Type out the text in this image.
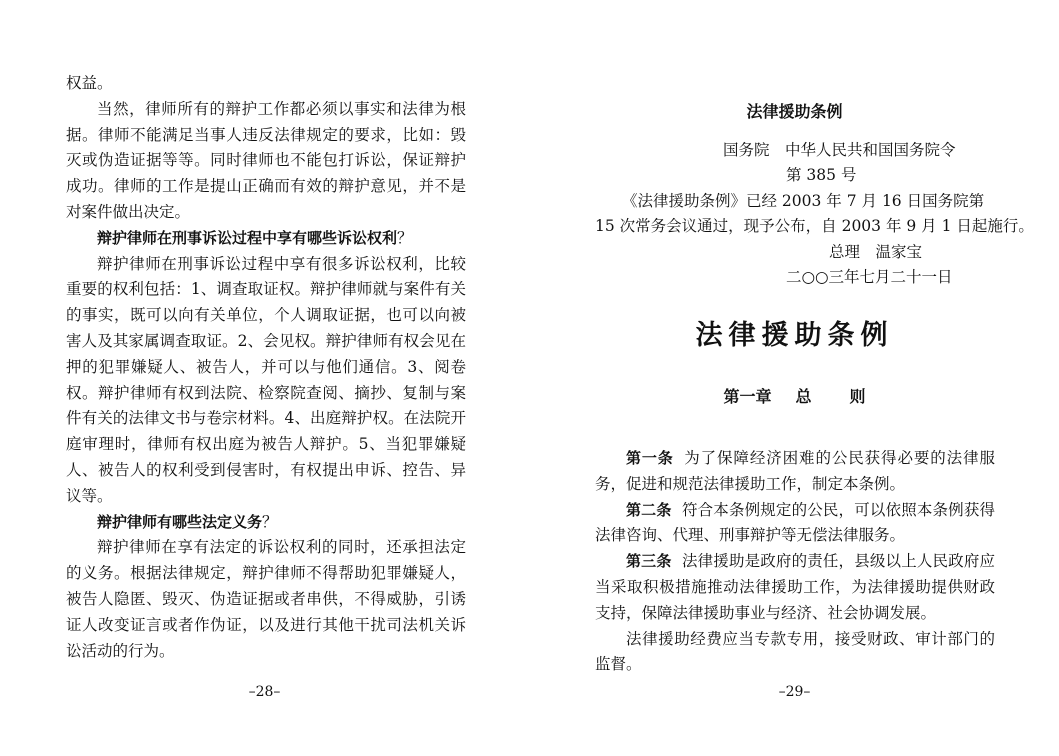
权益。

当然，律师所有的辩护工作都必须以事实和法律为根据。律师不能满足当事人违反法律规定的要求，比如：毁灭或伪造证据等等。同时律师也不能包打诉讼，保证辩护成功。律师的工作是提山正确而有效的辩护意见，并不是对案件做出决定。

辩护律师在刑事诉讼过程中享有哪些诉讼权利？

辩护律师在刑事诉讼过程中享有很多诉讼权利，比较重要的权利包括：1、调查取证权。辩护律师就与案件有关的事实，既可以向有关单位，个人调取证据，也可以向被害人及其家属调查取证。2、会见权。辩护律师有权会见在押的犯罪嫌疑人、被告人，并可以与他们通信。3、阅卷权。辩护律师有权到法院、检察院查阅、摘抄、复制与案件有关的法律文书与卷宗材料。4、出庭辩护权。在法院开庭审理时，律师有权出庭为被告人辩护。5、当犯罪嫌疑人、被告人的权利受到侵害时，有权提出申诉、控告、异议等。

辩护律师有哪些法定义务？

辩护律师在享有法定的诉讼权利的同时，还承担法定的义务。根据法律规定，辩护律师不得帮助犯罪嫌疑人，被告人隐匿、毁灭、伪造证据或者串供，不得威胁，引诱证人改变证言或者作伪证，以及进行其他干扰司法机关诉讼活动的行为。

–28–
法律援助条例
国务院　中华人民共和国国务院令
第 385 号
《法律援助条例》已经 2003 年 7 月 16 日国务院第
15 次常务会议通过，现予公布，自 2003 年 9 月 1 日起施行。
总理　温家宝
二○○三年七月二十一日
法律援助条例
第一章 总 则

第一条 为了保障经济困难的公民获得必要的法律服务，促进和规范法律援助工作，制定本条例。

第二条 符合本条例规定的公民，可以依照本条例获得法律咨询、代理、刑事辩护等无偿法律服务。

第三条 法律援助是政府的责任，县级以上人民政府应当采取积极措施推动法律援助工作，为法律援助提供财政支持，保障法律援助事业与经济、社会协调发展。

法律援助经费应当专款专用，接受财政、审计部门的监督。

–29–
